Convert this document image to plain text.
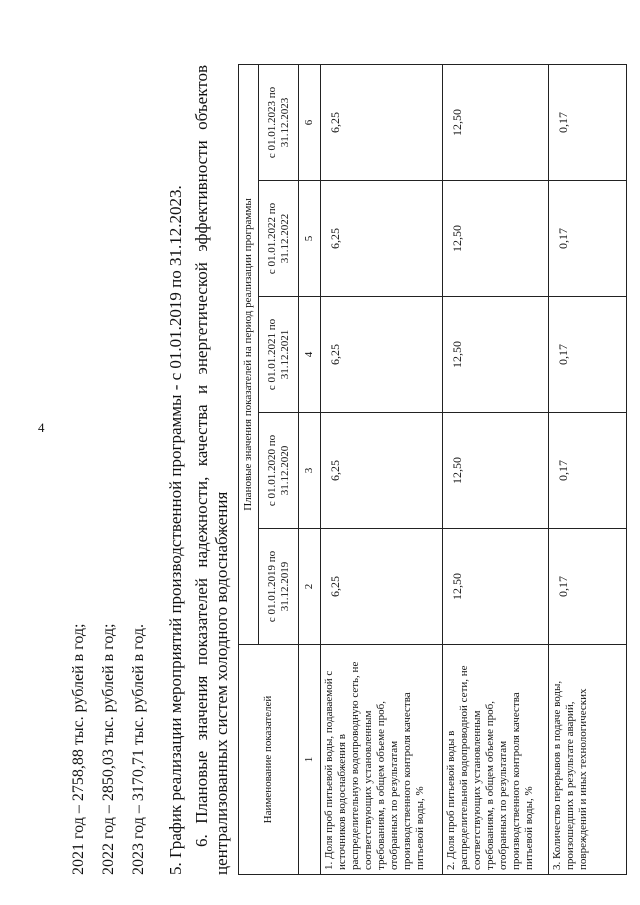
4
2021 год – 2758,88 тыс. рублей в год; 2022 год – 2850,03 тыс. рублей в год; 2023 год – 3170,71 тыс. рублей в год. 5. График реализации мероприятий производственной программы - с 01.01.2019 по 31.12.2023. 6. Плановые значения показателей надежности, качества и энергетической эффективности объектов централизованных систем холодного водоснабжения	Наименование показателей	Плановые значения показателей на период реализации программы				
	с 01.01.2019 по 31.12.2019	с 01.01.2020 по 31.12.2020	с 01.01.2021 по 31.12.2021	с 01.01.2022 по 31.12.2022	с 01.01.2023 по 31.12.2023
1	2	3	4	5	6
1. Доля проб питьевой воды, подаваемой с источников водоснабжения в распределительную водопроводную сеть, не соответствующих установленным требованиям, в общем объеме проб, отобранных по результатам производственного контроля качества питьевой воды, %	6,25	6,25	6,25	6,25	6,25
2. Доля проб питьевой воды в распределительной водопроводной сети, не соответствующих установленным требованиям, в общем объеме проб, отобранных по результатам производственного контроля качества питьевой воды, %	12,50	12,50	12,50	12,50	12,50
3. Количество перерывов в подаче воды, произошедших в результате аварий, повреждений и иных технологических	0,17	0,17	0,17	0,17	0,17
